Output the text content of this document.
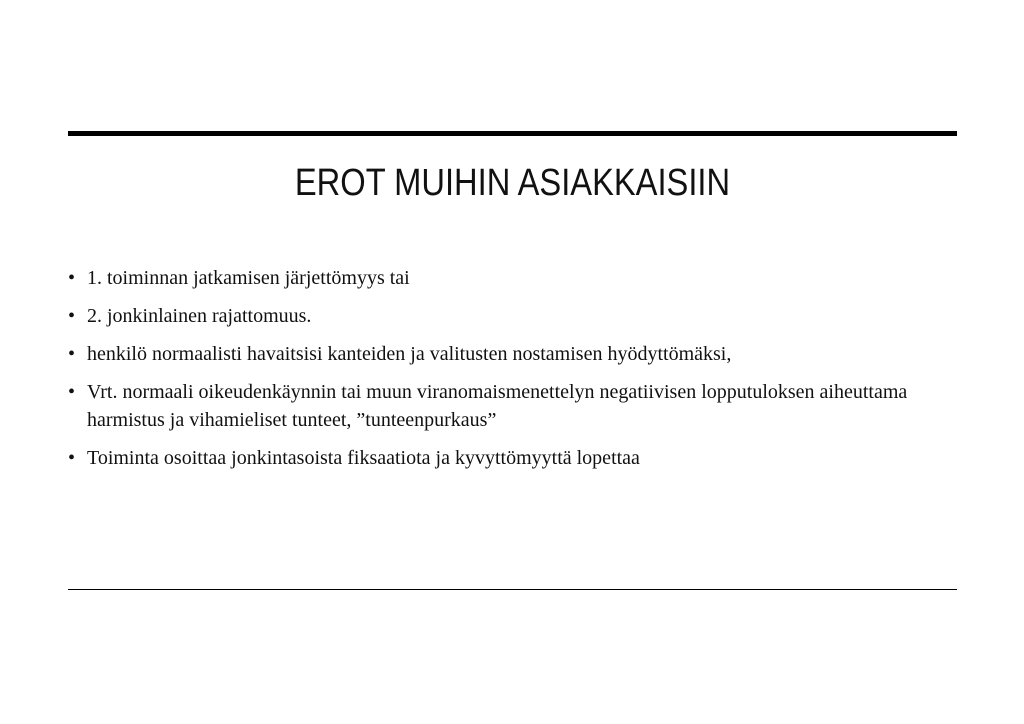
EROT MUIHIN ASIAKKAISIIN
• 1. toiminnan jatkamisen järjettömyys tai
• 2. jonkinlainen rajattomuus.
• henkilö normaalisti havaitsisi kanteiden ja valitusten nostamisen hyödyttömäksi,
• Vrt. normaali oikeudenkäynnin tai muun viranomaismenettelyn negatiivisen lopputuloksen aiheuttama harmistus ja vihamieliset tunteet, ”tunteenpurkaus”
• Toiminta osoittaa jonkintasoista fiksaatiota ja kyvyttömyyttä lopettaa
